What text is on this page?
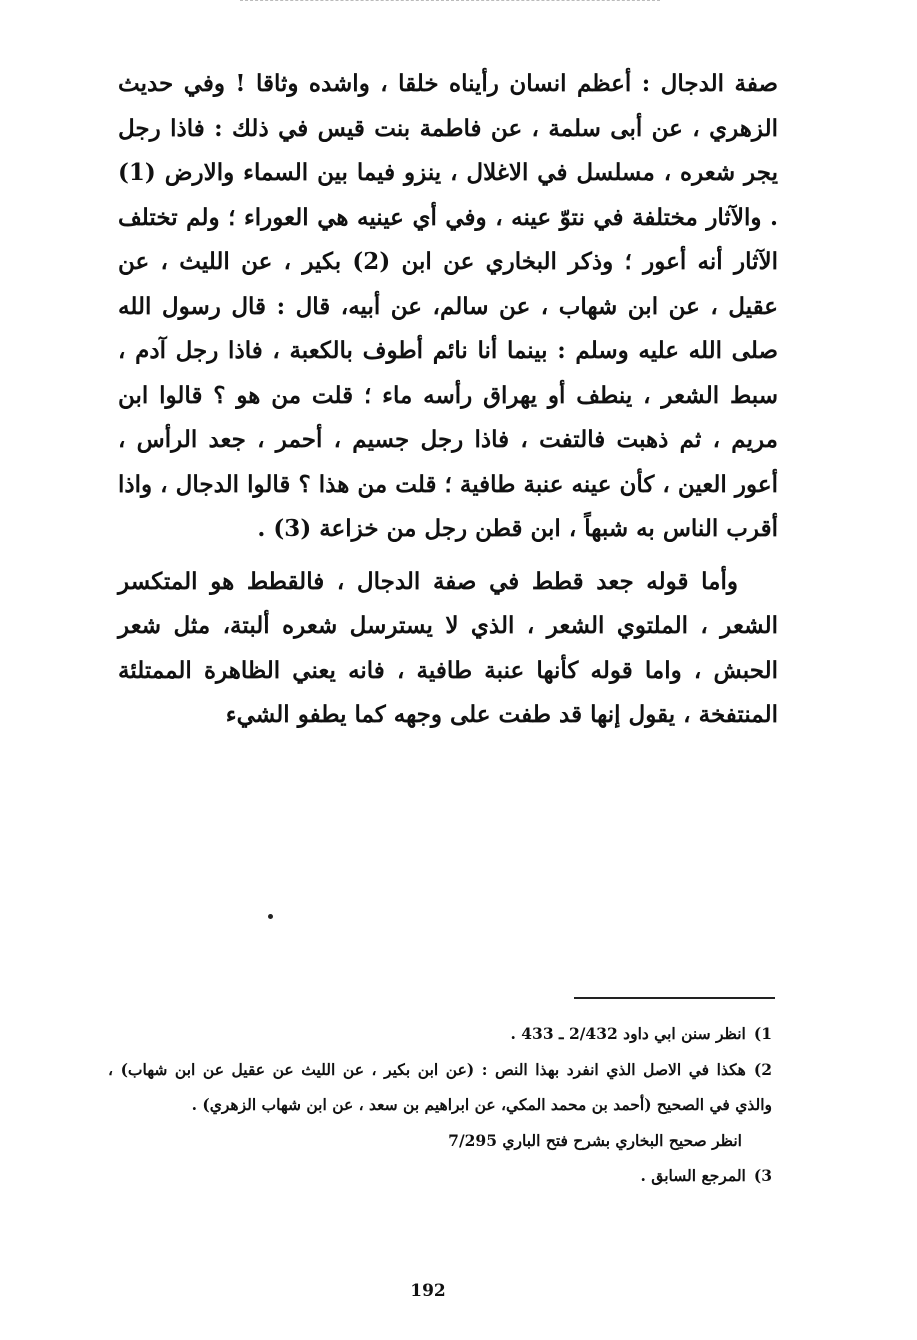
صفة الدجال : أعظم انسان رأيناه خلقا ، واشده وثاقا ! وفي حديث الزهري ، عن أبى سلمة ، عن فاطمة بنت قيس في ذلك : فاذا رجل يجر شعره ، مسلسل في الاغلال ، ينزو فيما بين السماء والارض (1) . والآثار مختلفة في نتوّ عينه ، وفي أي عينيه هي العوراء ؛ ولم تختلف الآثار أنه أعور ؛ وذكر البخاري عن ابن (2) بكير ، عن الليث ، عن عقيل ، عن ابن شهاب ، عن سالم، عن أبيه، قال : قال رسول الله صلى الله عليه وسلم : بينما أنا نائم أطوف بالكعبة ، فاذا رجل آدم ، سبط الشعر ، ينطف أو يهراق رأسه ماء ؛ قلت من هو ؟ قالوا ابن مريم ، ثم ذهبت فالتفت ، فاذا رجل جسيم ، أحمر ، جعد الرأس ، أعور العين ، كأن عينه عنبة طافية ؛ قلت من هذا ؟ قالوا الدجال ، واذا أقرب الناس به شبهاً ، ابن قطن رجل من خزاعة (3) .

وأما قوله جعد قطط في صفة الدجال ، فالقطط هو المتكسر الشعر ، الملتوي الشعر ، الذي لا يسترسل شعره ألبتة، مثل شعر الحبش ، واما قوله كأنها عنبة طافية ، فانه يعني الظاهرة الممتلئة المنتفخة ، يقول إنها قد طفت على وجهه كما يطفو الشيء

1)انظر سنن ابي داود 2/432 ـ 433 .

2)هكذا في الاصل الذي انفرد بهذا النص : (عن ابن بكير ، عن الليث عن عقيل عن ابن شهاب) ، والذي في الصحيح (أحمد بن محمد المكي، عن ابراهيم بن سعد ، عن ابن شهاب الزهري) .

انظر صحيح البخاري بشرح فتح الباري 7/295

3)المرجع السابق .

192
